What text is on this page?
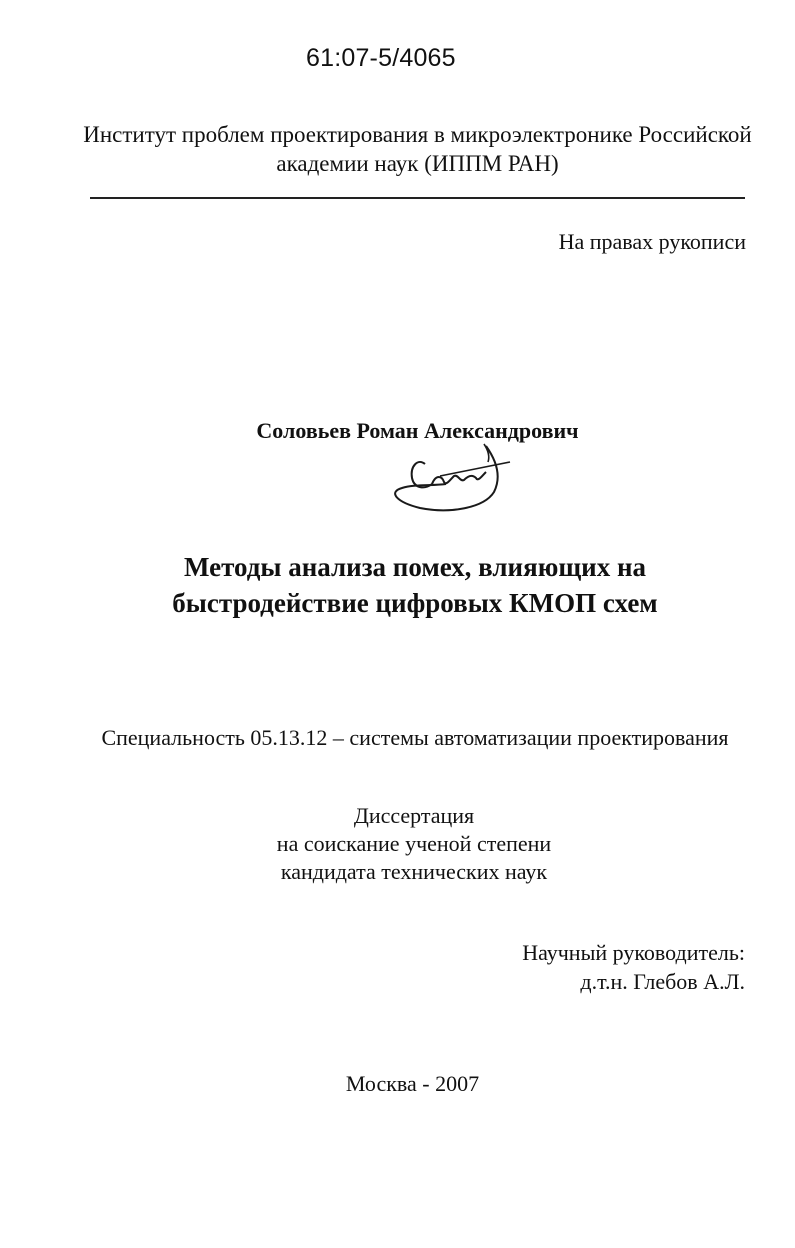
61:07-5/4065
Институт проблем проектирования в микроэлектронике Российской
академии наук (ИППМ РАН)
На правах рукописи
Соловьев Роман Александрович
Методы анализа помех, влияющих на
быстродействие цифровых КМОП схем
Специальность 05.13.12 – системы автоматизации проектирования
Диссертация
на соискание ученой степени
кандидата технических наук
Научный руководитель:
д.т.н. Глебов А.Л.
Москва - 2007
